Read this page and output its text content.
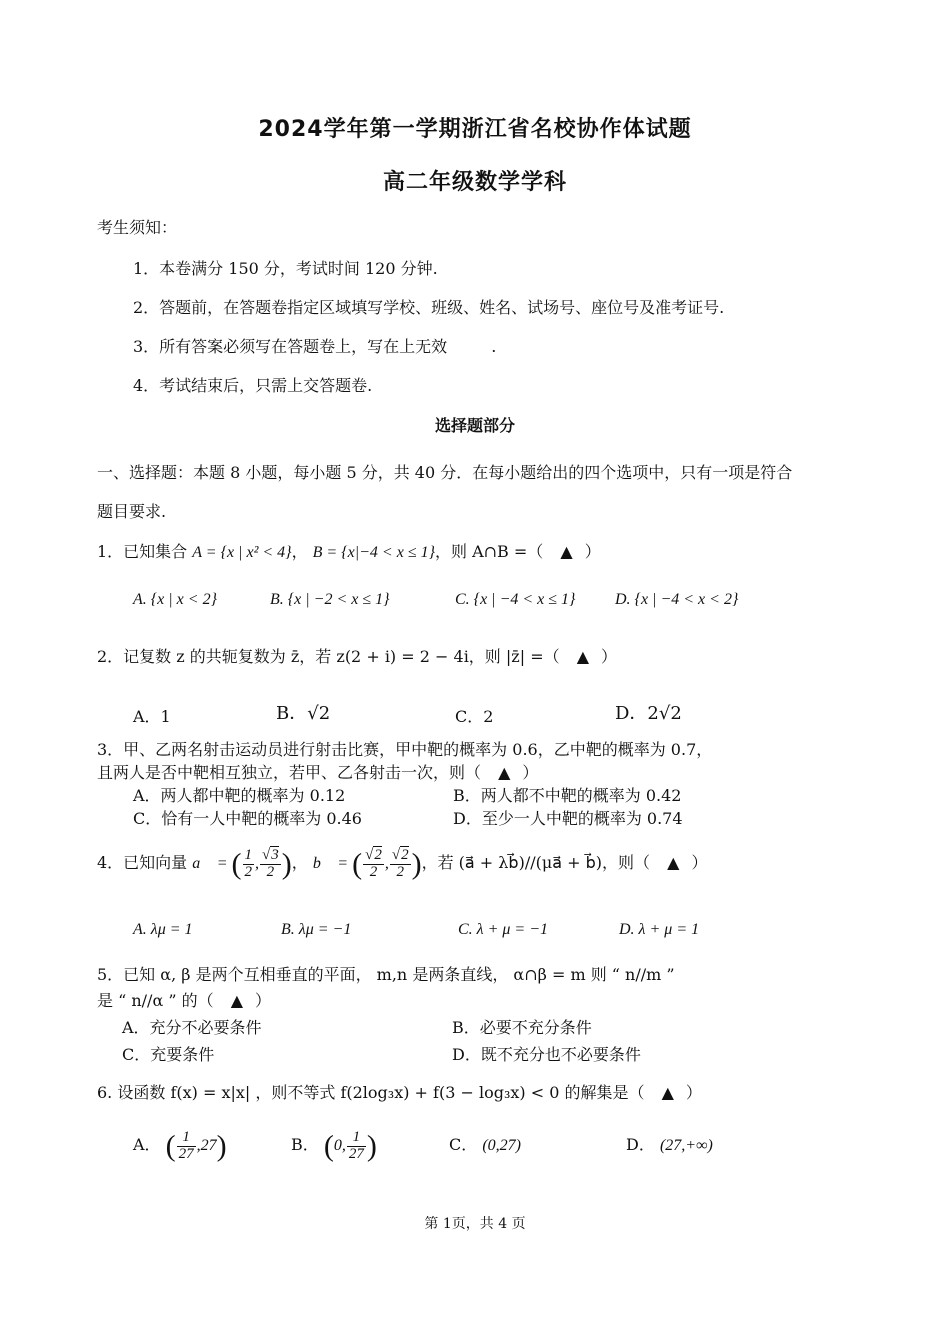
2024学年第一学期浙江省名校协作体试题
高二年级数学学科
考生须知：
1．本卷满分 150 分，考试时间 120 分钟.
2．答题前，在答题卷指定区域填写学校、班级、姓名、试场号、座位号及准考证号.
3．所有答案必须写在答题卷上，写在上无效	.
4．考试结束后，只需上交答题卷.
选择题部分
一、选择题：本题 8 小题，每小题 5 分，共 40 分．在每小题给出的四个选项中，只有一项是符合
题目要求.
1．已知集合 A = {x | x² < 4}， B = {x|−4 < x ≤ 1}，则 A∩B =（ ▲ ）
A. {x | x < 2}	B. {x | −2 < x ≤ 1}	C. {x | −4 < x ≤ 1} D. {x | −4 < x < 2}
2．记复数 z 的共轭复数为 z̄，若 z(2 + i) = 2 − 4i，则 |z̄| =（ ▲ ）
A．1	B．√2	C．2	D．2√2
3．甲、乙两名射击运动员进行射击比赛，甲中靶的概率为 0.6，乙中靶的概率为 0.7，
且两人是否中靶相互独立，若甲、乙各射击一次，则（ ▲ ）
A．两人都中靶的概率为 0.12	B．两人都不中靶的概率为 0.42
C．恰有一人中靶的概率为 0.46	D．至少一人中靶的概率为 0.74
4．已知向量 a⃗ = ( $\frac{1}{2}$ , $\frac{√3}{2}$ )， b⃗ = ( $\frac{√2}{2}$ , $\frac{√2}{2}$ )，若 (a⃗ + λb⃗)//(μa⃗ + b⃗)，则（ ▲ ）
A. λμ = 1	B. λμ = −1	C. λ + μ = −1	D. λ + μ = 1
5．已知 α, β 是两个互相垂直的平面， m,n 是两条直线， α∩β = m 则 “ n//m ”
是 “ n//α ” 的（ ▲ ）
A．充分不必要条件	B．必要不充分条件
C．充要条件	D．既不充分也不必要条件
6. 设函数 f(x) = x|x| ，则不等式 f(2log₃x) + f(3 − log₃x) < 0 的解集是（ ▲ ）
A． ( $\frac{1}{27} ,27$)	B． (0, $\frac{1}{27}$ )	C． (0,27)	D． (27,+∞)
第 1页，共 4 页
